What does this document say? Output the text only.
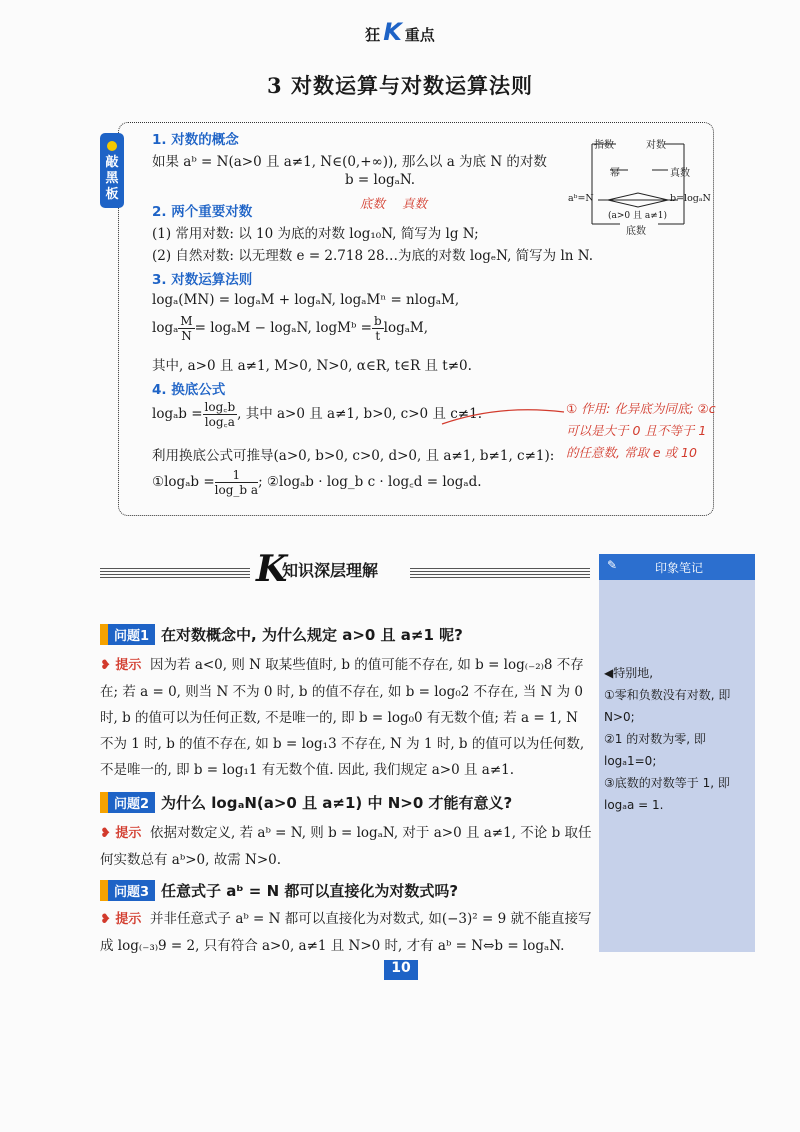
狂 K 重点
3 对数运算与对数运算法则
敲
黑
板
1. 对数的概念
如果 aᵇ = N(a>0 且 a≠1, N∈(0,+∞)), 那么以 a 为底 N 的对数
b = logₐN.
底数 真数
指数	对数
幂	真数
aᵇ=N	b=logₐN
(a>0 且 a≠1)
底数
2. 两个重要对数
(1) 常用对数: 以 10 为底的对数 log₁₀N, 简写为 lg N;
(2) 自然对数: 以无理数 e = 2.718 28…为底的对数 logₑN, 简写为 ln N.
3. 对数运算法则
logₐ(MN) = logₐM + logₐN, logₐMⁿ = nlogₐM,
logₐ $\frac{M}{N}= \log_aM - \log_aN$, logMᵇ = $\frac{b}{t}\log_aM$,
其中, a>0 且 a≠1, M>0, N>0, α∈R, t∈R 且 t≠0.
4. 换底公式
$\log_ab = \frac{\log꜀b}{\log꜀a}$, 其中 a>0 且 a≠1, b>0, c>0 且 c≠1.
利用换底公式可推导(a>0, b>0, c>0, d>0, 且 a≠1, b≠1, c≠1):
①logₐb = $\frac{1}{\text{log\_b a}}$; ②logₐb · log_b c · log꜀d = logₐd.
① 作用: 化异底为同底; ②c 可以是大于 0 且不等于 1 的任意数, 常取 e 或 10
K
知识深层理解	✎	印象笔记
◀特别地,
①零和负数没有对数, 即 N>0;
②1 的对数为零, 即 logₐ1=0;
③底数的对数等于 1, 即 logₐa = 1.
问题1 在对数概念中, 为什么规定 a>0 且 a≠1 呢?
❥ 提示 因为若 a<0, 则 N 取某些值时, b 的值可能不存在, 如 b = log₍₋₂₎8 不存在; 若 a = 0, 则当 N 不为 0 时, b 的值不存在, 如 b = log₀2 不存在, 当 N 为 0 时, b 的值可以为任何正数, 不是唯一的, 即 b = log₀0 有无数个值; 若 a = 1, N 不为 1 时, b 的值不存在, 如 b = log₁3 不存在, N 为 1 时, b 的值可以为任何数, 不是唯一的, 即 b = log₁1 有无数个值. 因此, 我们规定 a>0 且 a≠1.
问题2 为什么 logₐN(a>0 且 a≠1) 中 N>0 才能有意义?
❥ 提示 依据对数定义, 若 aᵇ = N, 则 b = logₐN, 对于 a>0 且 a≠1, 不论 b 取任何实数总有 aᵇ>0, 故需 N>0.
问题3 任意式子 aᵇ = N 都可以直接化为对数式吗?
❥ 提示 并非任意式子 aᵇ = N 都可以直接化为对数式, 如(−3)² = 9 就不能直接写成 log₍₋₃₎9 = 2, 只有符合 a>0, a≠1 且 N>0 时, 才有 aᵇ = N⇔b = logₐN.
10
